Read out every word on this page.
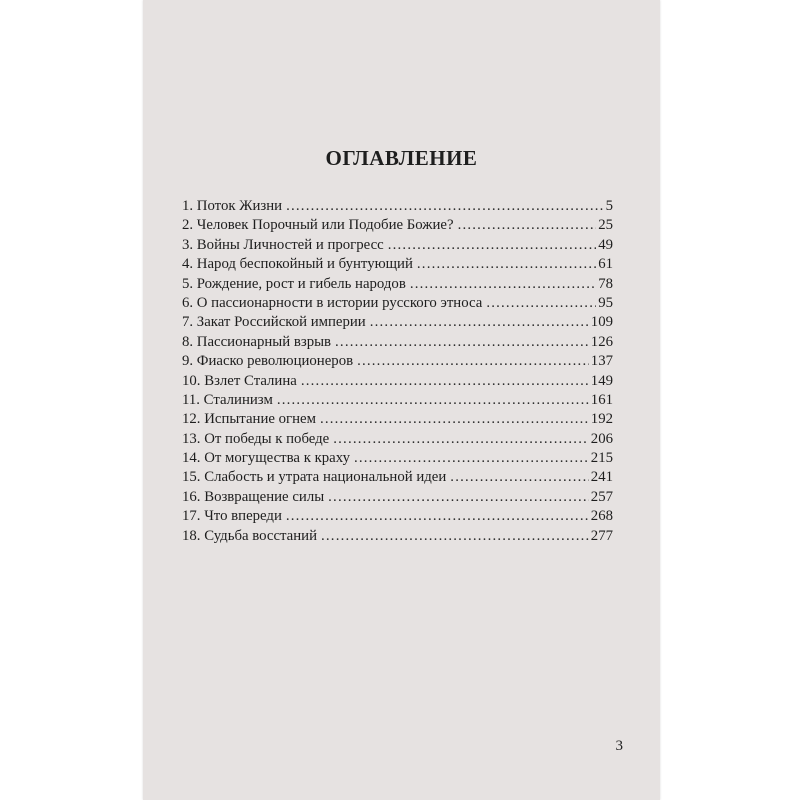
ОГЛАВЛЕНИЕ
1. Поток Жизни .....	5
2. Человек Порочный или Подобие Божие? .....	25
3. Войны Личностей и прогресс .....	49
4. Народ беспокойный и бунтующий .....	61
5. Рождение, рост и гибель народов .....	78
6. О пассионарности в истории русского этноса .....	95
7. Закат Российской империи .....	109
8. Пассионарный взрыв .....	126
9. Фиаско революционеров .....	137
10. Взлет Сталина .....	149
11. Сталинизм .....	161
12. Испытание огнем .....	192
13. От победы к победе .....	206
14. От могущества к краху .....	215
15. Слабость и утрата национальной идеи .....	241
16. Возвращение силы .....	257
17. Что впереди .....	268
18. Судьба восстаний .....	277
3
